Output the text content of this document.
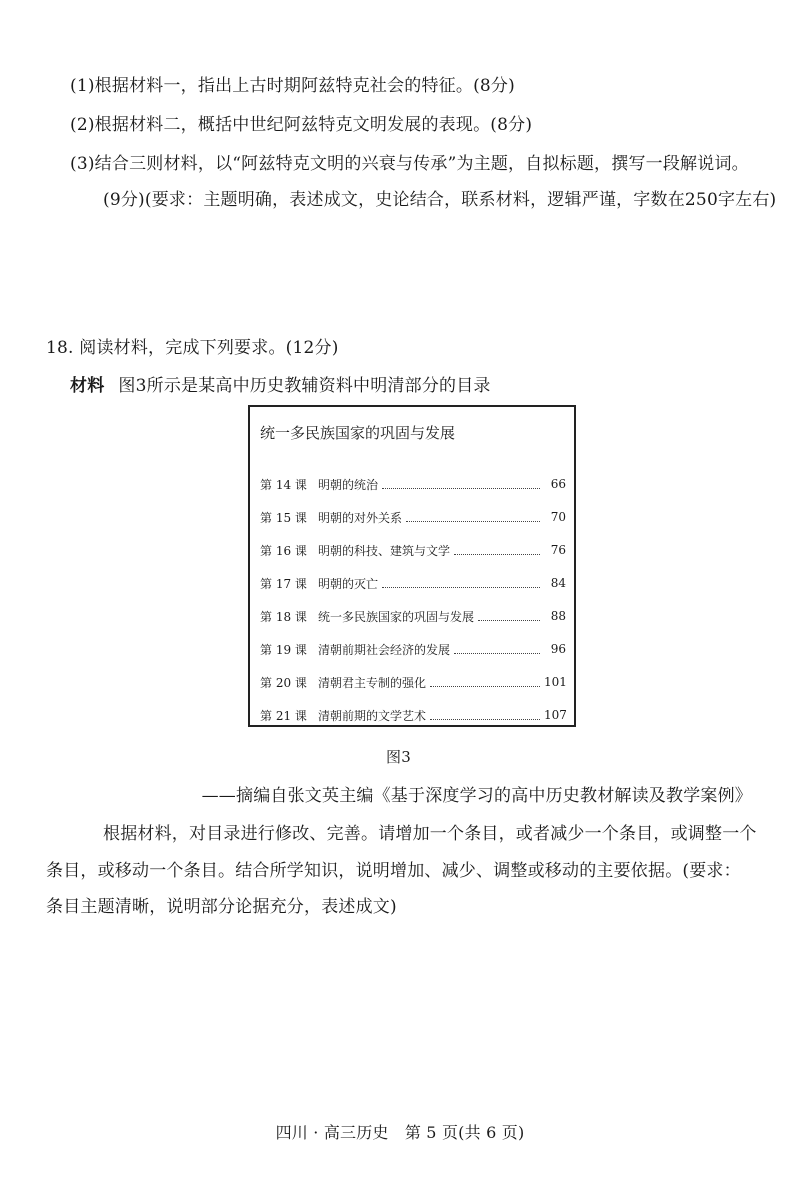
(1)根据材料一，指出上古时期阿兹特克社会的特征。(8分)
(2)根据材料二，概括中世纪阿兹特克文明发展的表现。(8分)
(3)结合三则材料，以“阿兹特克文明的兴衰与传承”为主题，自拟标题，撰写一段解说词。
(9分)(要求：主题明确，表述成文，史论结合，联系材料，逻辑严谨，字数在250字左右)
18. 阅读材料，完成下列要求。(12分)
材料 图3所示是某高中历史教辅资料中明清部分的目录
统一多民族国家的巩固与发展
第 14 课 明朝的统治	66
第 15 课 明朝的对外关系	70
第 16 课 明朝的科技、建筑与文学	76
第 17 课 明朝的灭亡	84
第 18 课 统一多民族国家的巩固与发展	88
第 19 课 清朝前期社会经济的发展	96
第 20 课 清朝君主专制的强化	101
第 21 课 清朝前期的文学艺术	107
图3
——摘编自张文英主编《基于深度学习的高中历史教材解读及教学案例》
根据材料，对目录进行修改、完善。请增加一个条目，或者减少一个条目，或调整一个
条目，或移动一个条目。结合所学知识，说明增加、减少、调整或移动的主要依据。(要求：
条目主题清晰，说明部分论据充分，表述成文)
四川 · 高三历史　第 5 页(共 6 页)
